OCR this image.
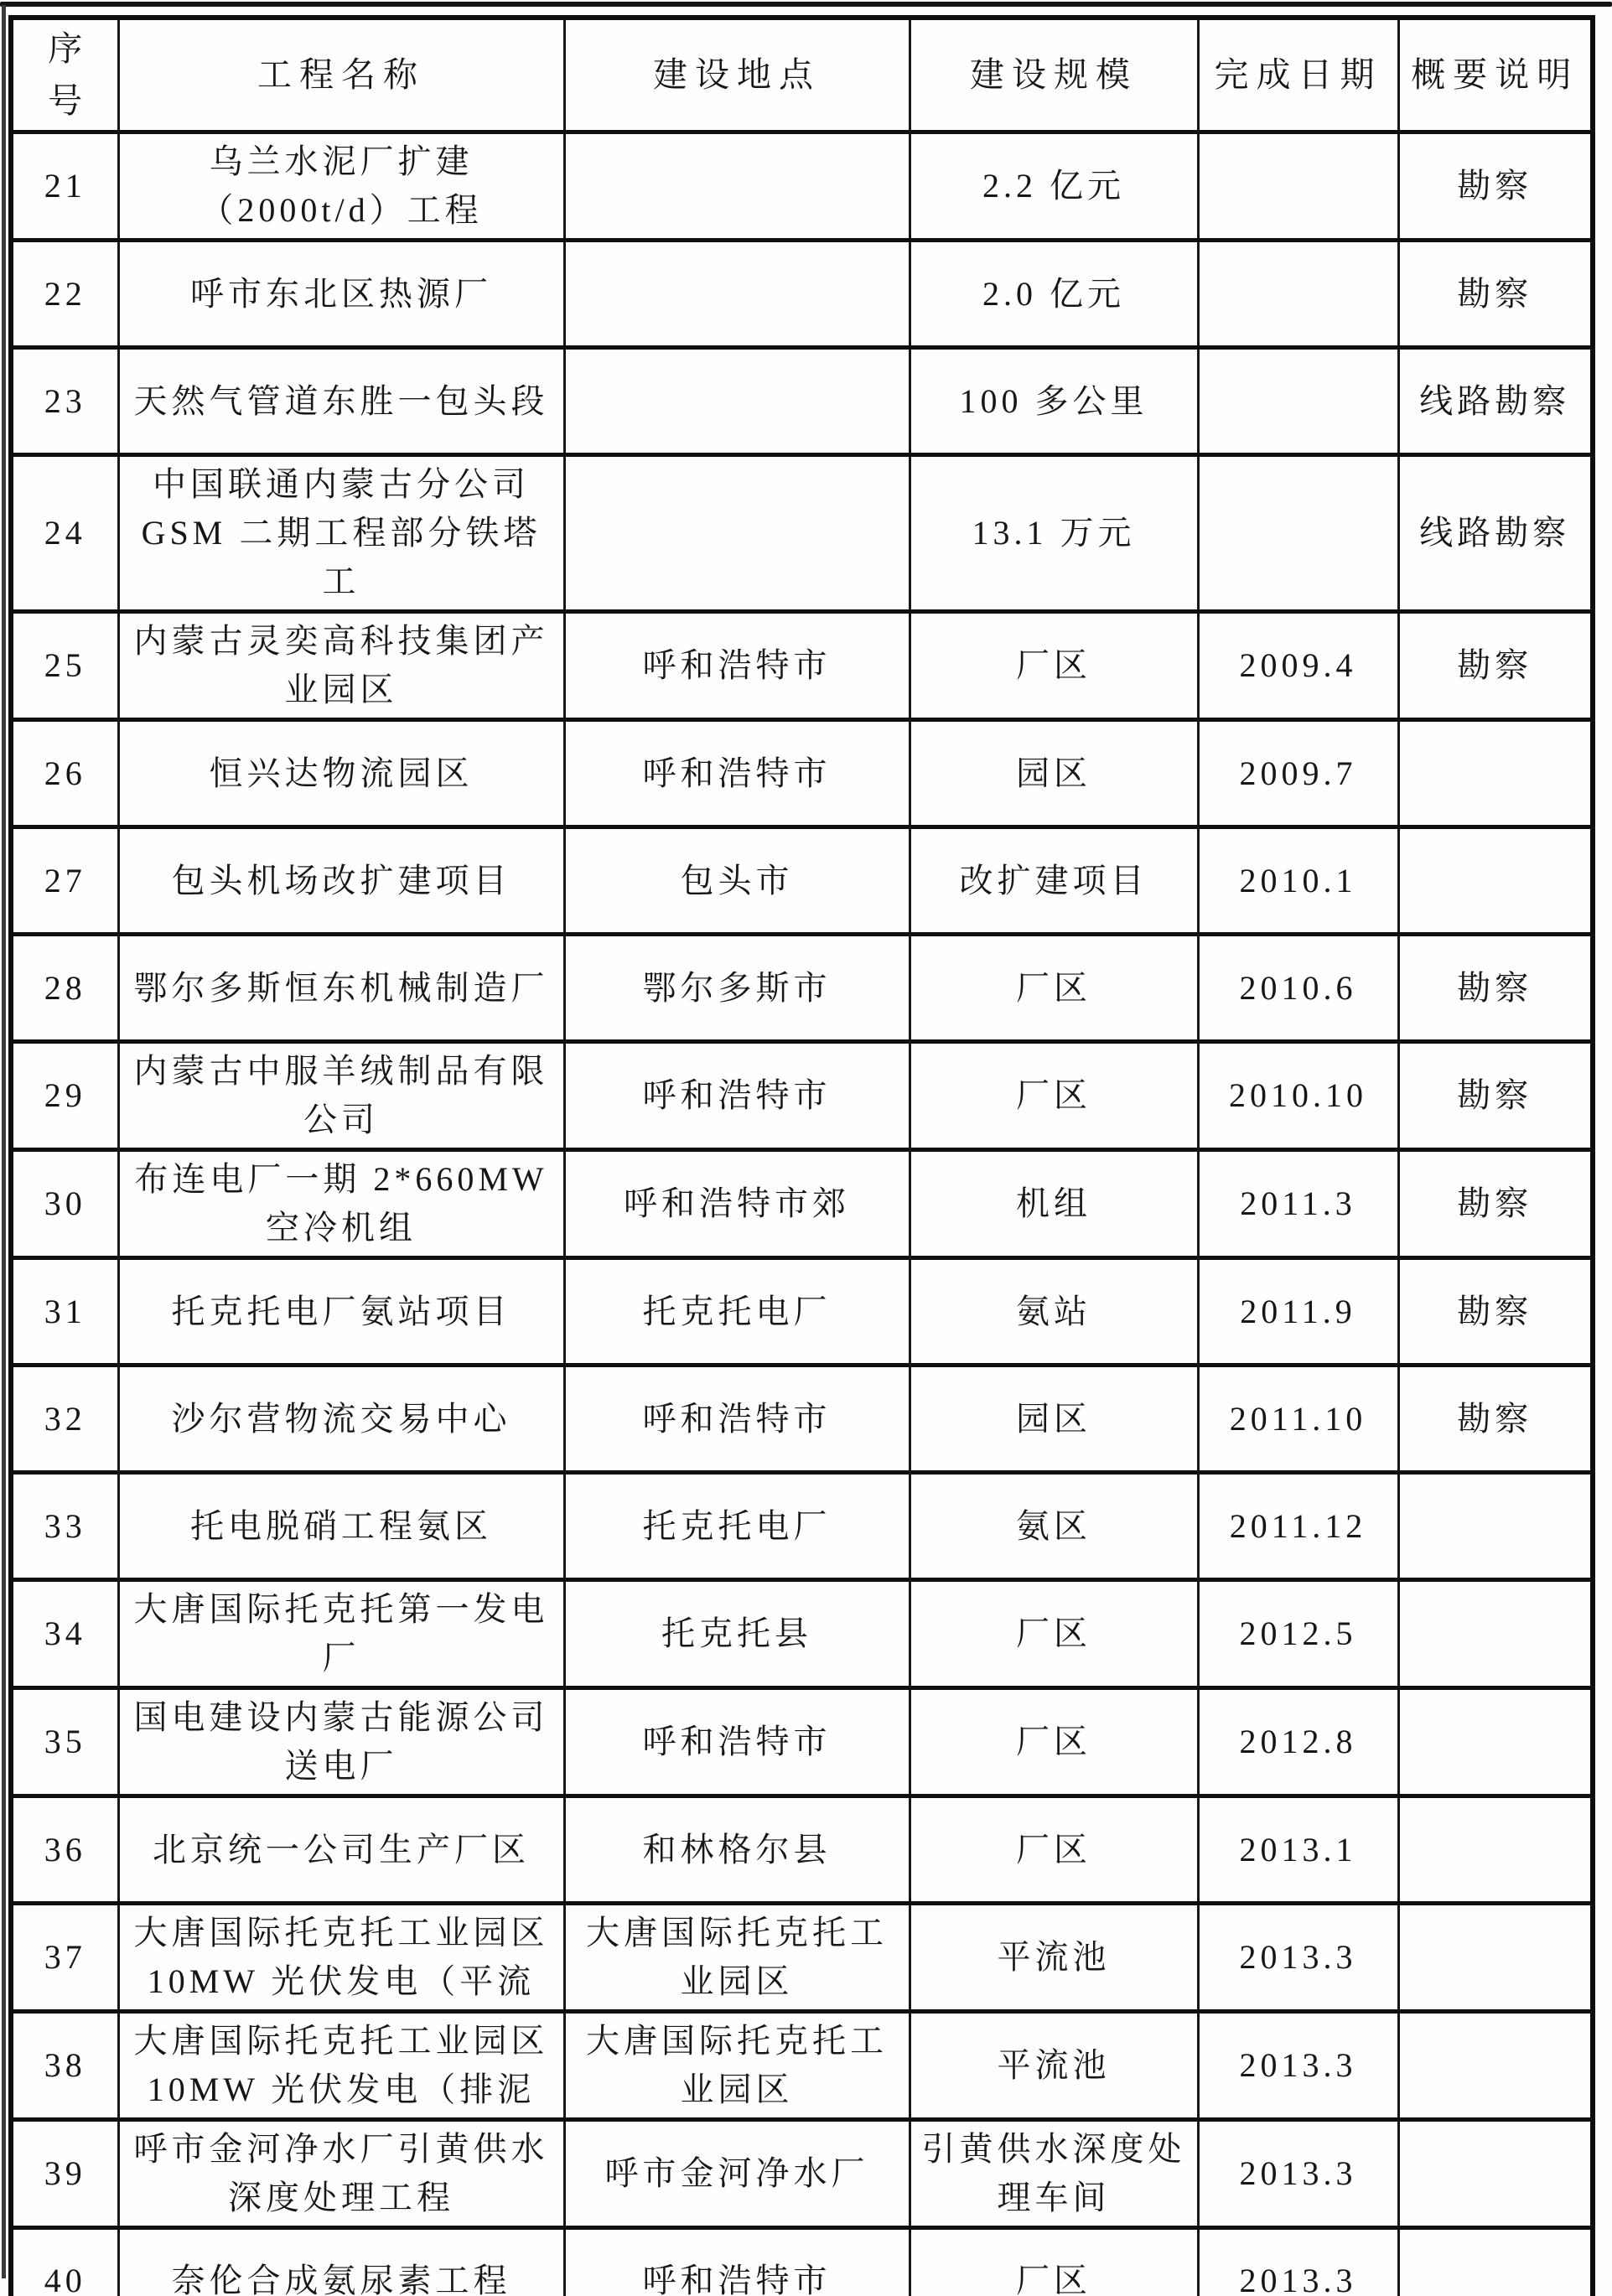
序号	工程名称	建设地点	建设规模	完成日期	概要说明
21	乌兰水泥厂扩建（2000t/d）工程		2.2 亿元		勘察
22	呼市东北区热源厂		2.0 亿元		勘察
23	天然气管道东胜一包头段		100 多公里		线路勘察
24	中国联通内蒙古分公司 GSM 二期工程部分铁塔工		13.1 万元		线路勘察
25	内蒙古灵奕高科技集团产业园区	呼和浩特市	厂区	2009.4	勘察
26	恒兴达物流园区	呼和浩特市	园区	2009.7	
27	包头机场改扩建项目	包头市	改扩建项目	2010.1	
28	鄂尔多斯恒东机械制造厂	鄂尔多斯市	厂区	2010.6	勘察
29	内蒙古中服羊绒制品有限公司	呼和浩特市	厂区	2010.10	勘察
30	布连电厂一期 2*660MW 空冷机组	呼和浩特市郊	机组	2011.3	勘察
31	托克托电厂氨站项目	托克托电厂	氨站	2011.9	勘察
32	沙尔营物流交易中心	呼和浩特市	园区	2011.10	勘察
33	托电脱硝工程氨区	托克托电厂	氨区	2011.12	
34	大唐国际托克托第一发电厂	托克托县	厂区	2012.5	
35	国电建设内蒙古能源公司送电厂	呼和浩特市	厂区	2012.8	
36	北京统一公司生产厂区	和林格尔县	厂区	2013.1	
37	大唐国际托克托工业园区 10MW 光伏发电（平流	大唐国际托克托工业园区	平流池	2013.3	
38	大唐国际托克托工业园区 10MW 光伏发电（排泥	大唐国际托克托工业园区	平流池	2013.3	
39	呼市金河净水厂引黄供水深度处理工程	呼市金河净水厂	引黄供水深度处理车间	2013.3	
40	奈伦合成氨尿素工程	呼和浩特市	厂区	2013.3	
